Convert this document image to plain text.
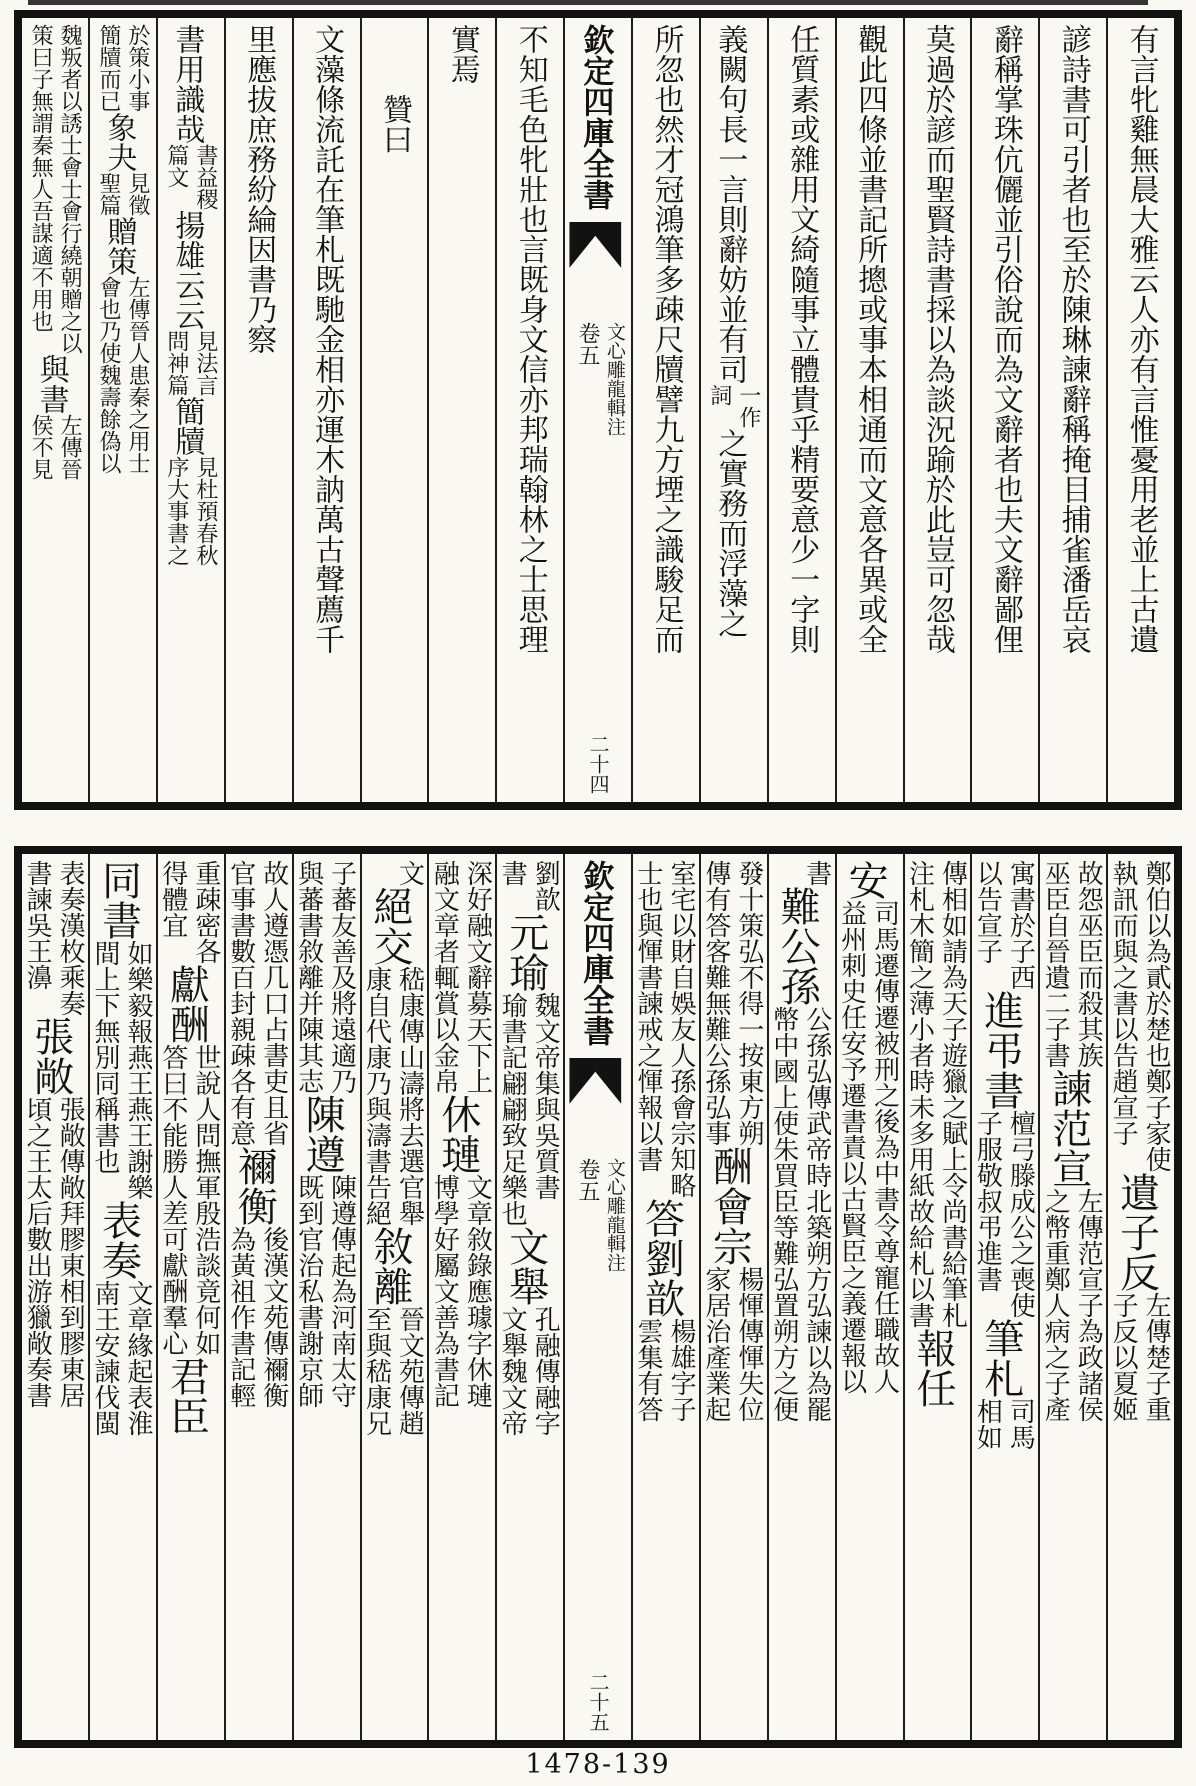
有言牝雞無晨大雅云人亦有言惟憂用老並上古遺
諺詩書可引者也至於陳琳諫辭稱掩目捕雀潘岳哀
辭稱掌珠伉儷並引俗說而為文辭者也夫文辭鄙俚
莫過於諺而聖賢詩書採以為談況踰於此豈可忽哉
觀此四條並書記所摠或事本相通而文意各異或全
任質素或雜用文綺隨事立體貴乎精要意少一字則
義闕句長一言則辭妨並有司
一作
詞
之實務而浮藻之
所忽也然才冠鴻筆多疎尺牘譬九方堙之識駿足而
欽定四庫全書
文心雕龍輯注
卷五
二十四
不知毛色牝壯也言既身文信亦邦瑞翰林之士思理
實焉
贊曰
文藻條流託在筆札既馳金相亦運木訥萬古聲薦千
里應拔庶務紛綸因書乃察
書用識哉
書益稷
篇文
揚雄云云
見法言
問神篇
簡牘
見杜預春秋
序大事書之
於策小事
簡牘而已
象夬
見徵
聖篇
贈策
左傳晉人患秦之用士
會也乃使魏壽餘偽以
魏叛者以誘士會士會行繞朝贈之以
策曰子無謂秦無人吾謀適不用也
與書
左傳晉
侯不見
鄭伯以為貳於楚也鄭子家使
執訊而與之書以告趙宣子
遺子反
左傳楚子重
子反以夏姬
故怨巫臣而殺其族
巫臣自晉遺二子書
諫范宣
左傳范宣子為政諸侯
之幣重鄭人病之子產
寓書於子西
以告宣子
進弔書
檀弓滕成公之喪使
子服敬叔弔進書
筆札
司馬
相如
傳相如請為天子遊獵之賦上令尚書給筆札
注札木簡之薄小者時未多用紙故給札以書
報任
安
司馬遷傳遷被刑之後為中書令尊寵任職故人
益州刺史任安予遷書責以古賢臣之義遷報以
書
難公孫
公孫弘傳武帝時北築朔方弘諫以為罷
幣中國上使朱買臣等難弘置朔方之便
發十策弘不得一按東方朔
傳有答客難無難公孫弘事
酬會宗
楊惲傳惲失位
家居治產業起
室宅以財自娛友人孫會宗知略
士也與惲書諫戒之惲報以書
答劉歆
楊雄字子
雲集有答
欽定四庫全書
文心雕龍輯注
卷五
二十五
劉歆
書
元瑜
魏文帝集與吳質書
瑜書記翩翩致足樂也
文舉
孔融傳融字
文舉魏文帝
深好融文辭募天下上
融文章者輒賞以金帛
休璉
文章敘錄應璩字休璉
博學好屬文善為書記
文
絕交
嵇康傳山濤將去選官舉
康自代康乃與濤書告絕
敘離
晉文苑傳趙
至與嵇康兄
子蕃友善及將遠適乃
與蕃書敘離并陳其志
陳遵
陳遵傳起為河南太守
既到官治私書謝京師
故人遵憑几口占書吏且省
官事書數百封親疎各有意
禰衡
後漢文苑傳禰衡
為黃祖作書記輕
重疎密各
得體宜
獻酬
世說人問撫軍殷浩談竟何如
答曰不能勝人差可獻酬羣心
君臣
同書
如樂毅報燕王燕王謝樂
間上下無別同稱書也
表奏
文章緣起表淮
南王安諫伐閩
表奏漢枚乘奏
書諫吳王濞
張敞
張敞傳敞拜膠東相到膠東居
頃之王太后數出游獵敞奏書
1478-139
